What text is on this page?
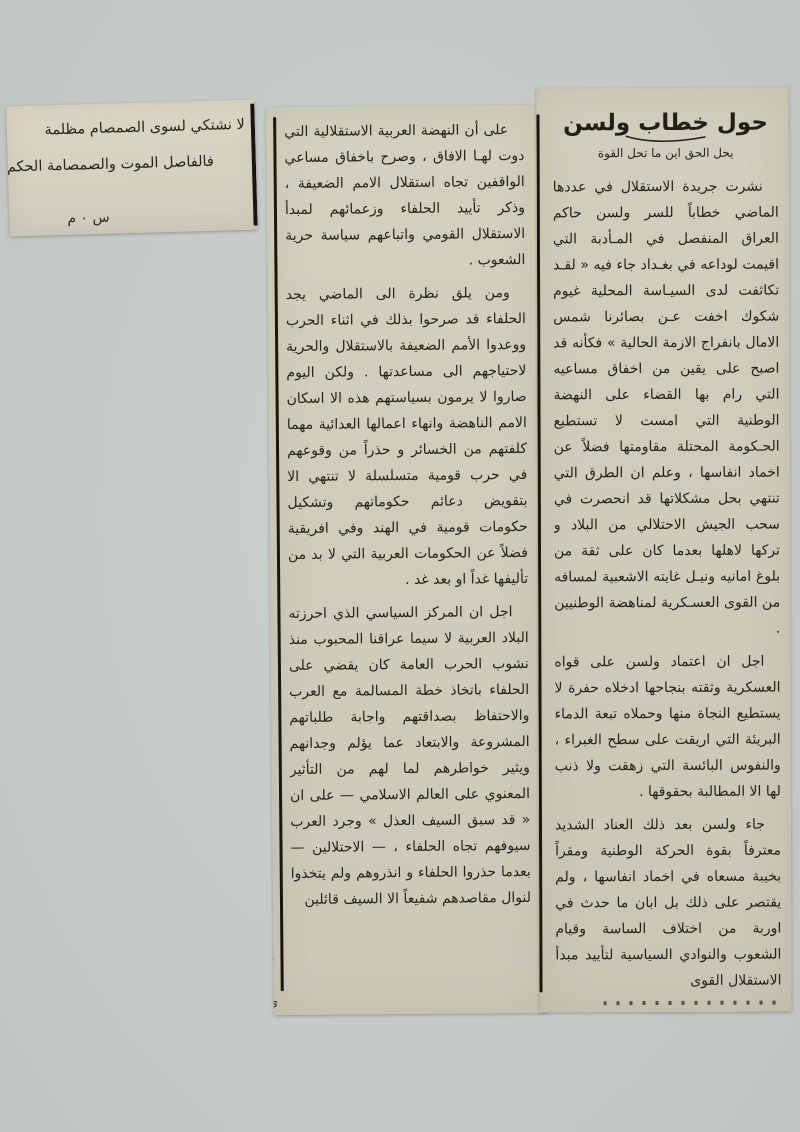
لا نشتكي لسوى الصمصام مظلمة
فالفاصل الموت والصمصامة الحكم
س ٠ م
و
ى

على أن النهضة العربية الاستقلالية التي دوت لهـا الافاق ، وصرح باخفاق مساعي الواقفين تجاه استقلال الامم الضعيفة ، وذكر تأييد الحلفاء وزعمائهم لمبدأ الاستقلال القومي واتباعهم سياسة حرية الشعوب .

ومن يلق نظرة الى الماضي يجد الحلفاء قد صرحوا بذلك في اثناء الحرب ووعدوا الأمم الضعيفة بالاستقلال والحرية لاحتياجهم الى مساعدتها . ولكن اليوم صاروا لا يرمون بسياستهم هذه الا اسكان الامم الناهضة وانهاء اعمالها العدائية مهما كلفتهم من الخسائر و حذراً من وقوعهم في حرب قومية متسلسلة لا تنتهي الا بتقويض دعائم حكوماتهم وتشكيل حكومات قومية في الهند وفي افريقية فضلاً عن الحكومات العربية التي لا بد من تأليفها غداً او بعد غد .

اجل ان المركز السياسي الذي احرزته البلاد العربية لا سيما عراقنا المحبوب منذ نشوب الحرب العامة كان يقضي على الحلفاء باتخاذ خطة المسالمة مع العرب والاحتفاظ بصداقتهم واجابة طلباتهم المشروعة والابتعاد عما يؤلم وجدانهم ويثير خواطرهم لما لهم من التأثير المعنوي على العالم الاسلامي — على ان « قد سبق السيف العذل » وجرد العرب سيوفهم تجاه الحلفاء ، — الاحتلالين — بعدما حذروا الحلفاء و انذروهم ولم يتخذوا لنوال مقاصدهم شفيعاً الا السيف قائلين

حول خطاب ولسن
يحل الحق اين ما تحل القوة

نشرت جريدة الاستقلال في عددها الماضي خطاباً للسر ولسن حاكم العراق المنفصل في المـأدبة التي اقيمت لوداعه في بغـداد جاء فيه « لقـد تكاثفت لدى السيـاسة المحلية غيوم شكوك اخفت عـن بصائرنا شمس الامال بانفراج الازمة الحالية » فكأنه قد اصبح على يقين من اخفاق مساعيه التي رام بها القضاء على النهضة الوطنية التي امست لا تستطيع الحـكومة المحتلة مقاومتها فضلاً عن اخماد انفاسها ، وعلم ان الطرق التي تنتهي بحل مشكلاتها قد انحصرت في سحب الجيش الاحتلالي من البلاد و تركها لاهلها بعدما كان على ثقة من بلوغ امانيه ونيـل غايته الاشعبية لمسافه من القوى العسـكرية لمناهضة الوطنيين .

اجل ان اعتماد ولسن على قواه العسكرية وثقته بنجاحها ادخلاه حفرة لا يستطيع النجاة منها وحملاه تبعة الدماء البريئة التي اريقت على سطح الغبراء ، والنفوس البائسة التي زهقت ولا ذنب لها الا المطالبة بحقوقها .

جاء ولسن بعد ذلك العناد الشديد معترفاً بقوة الحركة الوطنية ومقراً بخيبة مسعاه في اخماد انفاسها ، ولم يقتصر على ذلك بل ابان ما حدث في اوربة من اختلاف الساسة وقيام الشعوب والنوادي السياسية لتأييد مبدأ الاستقلال القوى
